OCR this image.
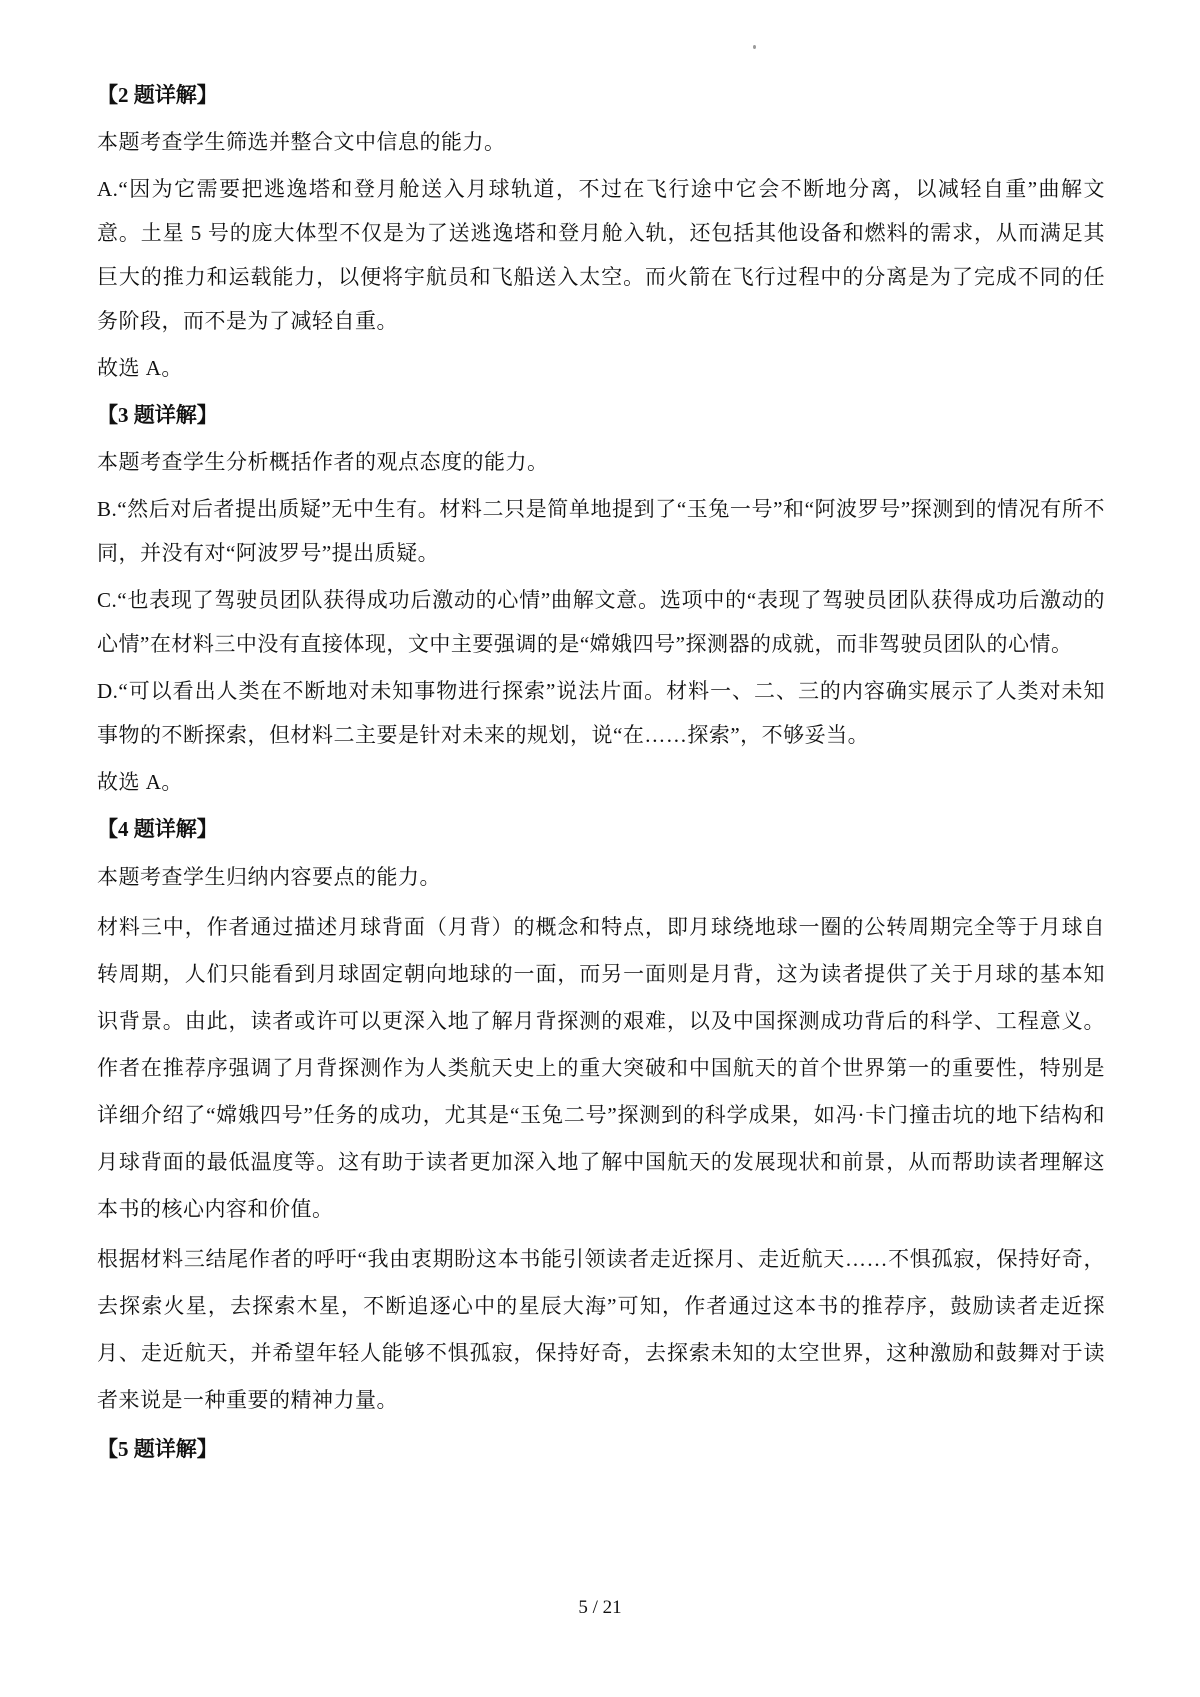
【2 题详解】

本题考查学生筛选并整合文中信息的能力。

A.“因为它需要把逃逸塔和登月舱送入月球轨道，不过在飞行途中它会不断地分离，以减轻自重”曲解文意。土星 5 号的庞大体型不仅是为了送逃逸塔和登月舱入轨，还包括其他设备和燃料的需求，从而满足其巨大的推力和运载能力，以便将宇航员和飞船送入太空。而火箭在飞行过程中的分离是为了完成不同的任务阶段，而不是为了减轻自重。

故选 A。

【3 题详解】

本题考查学生分析概括作者的观点态度的能力。

B.“然后对后者提出质疑”无中生有。材料二只是简单地提到了“玉兔一号”和“阿波罗号”探测到的情况有所不同，并没有对“阿波罗号”提出质疑。

C.“也表现了驾驶员团队获得成功后激动的心情”曲解文意。选项中的“表现了驾驶员团队获得成功后激动的心情”在材料三中没有直接体现，文中主要强调的是“嫦娥四号”探测器的成就，而非驾驶员团队的心情。

D.“可以看出人类在不断地对未知事物进行探索”说法片面。材料一、二、三的内容确实展示了人类对未知事物的不断探索，但材料二主要是针对未来的规划，说“在……探索”，不够妥当。

故选 A。

【4 题详解】

本题考查学生归纳内容要点的能力。

材料三中，作者通过描述月球背面（月背）的概念和特点，即月球绕地球一圈的公转周期完全等于月球自转周期，人们只能看到月球固定朝向地球的一面，而另一面则是月背，这为读者提供了关于月球的基本知识背景。由此，读者或许可以更深入地了解月背探测的艰难，以及中国探测成功背后的科学、工程意义。作者在推荐序强调了月背探测作为人类航天史上的重大突破和中国航天的首个世界第一的重要性，特别是详细介绍了“嫦娥四号”任务的成功，尤其是“玉兔二号”探测到的科学成果，如冯·卡门撞击坑的地下结构和月球背面的最低温度等。这有助于读者更加深入地了解中国航天的发展现状和前景，从而帮助读者理解这本书的核心内容和价值。

根据材料三结尾作者的呼吁“我由衷期盼这本书能引领读者走近探月、走近航天……不惧孤寂，保持好奇，去探索火星，去探索木星，不断追逐心中的星辰大海”可知，作者通过这本书的推荐序，鼓励读者走近探月、走近航天，并希望年轻人能够不惧孤寂，保持好奇，去探索未知的太空世界，这种激励和鼓舞对于读者来说是一种重要的精神力量。

【5 题详解】
5 / 21
